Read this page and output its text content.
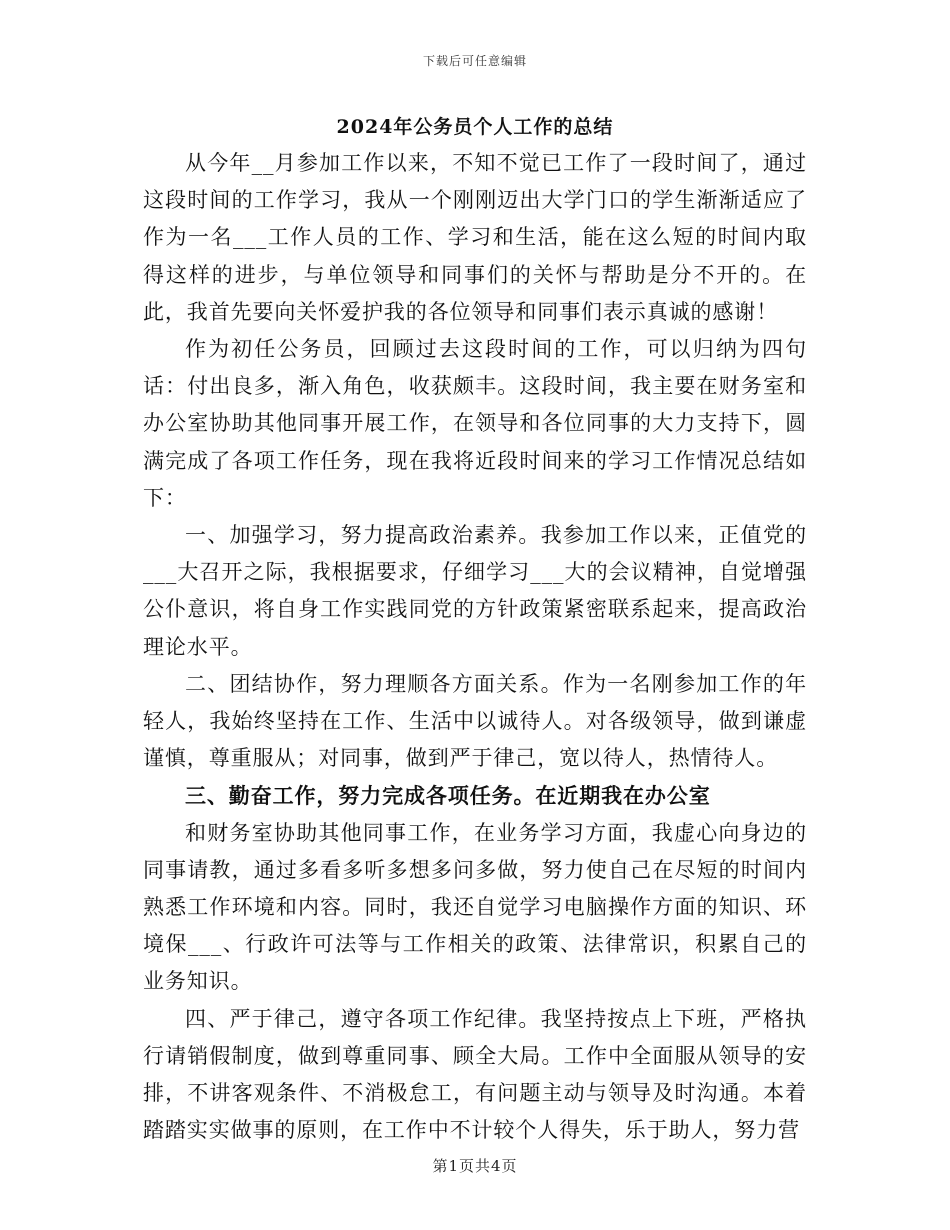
下载后可任意编辑
2024年公务员个人工作的总结

从今年__月参加工作以来，不知不觉已工作了一段时间了，通过这段时间的工作学习，我从一个刚刚迈出大学门口的学生渐渐适应了作为一名___工作人员的工作、学习和生活，能在这么短的时间内取得这样的进步，与单位领导和同事们的关怀与帮助是分不开的。在此，我首先要向关怀爱护我的各位领导和同事们表示真诚的感谢！

作为初任公务员，回顾过去这段时间的工作，可以归纳为四句话：付出良多，渐入角色，收获颇丰。这段时间，我主要在财务室和办公室协助其他同事开展工作，在领导和各位同事的大力支持下，圆满完成了各项工作任务，现在我将近段时间来的学习工作情况总结如下：

一、加强学习，努力提高政治素养。我参加工作以来，正值党的___大召开之际，我根据要求，仔细学习___大的会议精神，自觉增强公仆意识，将自身工作实践同党的方针政策紧密联系起来，提高政治理论水平。

二、团结协作，努力理顺各方面关系。作为一名刚参加工作的年轻人，我始终坚持在工作、生活中以诚待人。对各级领导，做到谦虚谨慎，尊重服从；对同事，做到严于律己，宽以待人，热情待人。

三、勤奋工作，努力完成各项任务。在近期我在办公室

和财务室协助其他同事工作，在业务学习方面，我虚心向身边的同事请教，通过多看多听多想多问多做，努力使自己在尽短的时间内熟悉工作环境和内容。同时，我还自觉学习电脑操作方面的知识、环境保___、行政许可法等与工作相关的政策、法律常识，积累自己的业务知识。

四、严于律己，遵守各项工作纪律。我坚持按点上下班，严格执行请销假制度，做到尊重同事、顾全大局。工作中全面服从领导的安排，不讲客观条件、不消极怠工，有问题主动与领导及时沟通。本着踏踏实实做事的原则，在工作中不计较个人得失，乐于助人，努力营

第1页共4页
